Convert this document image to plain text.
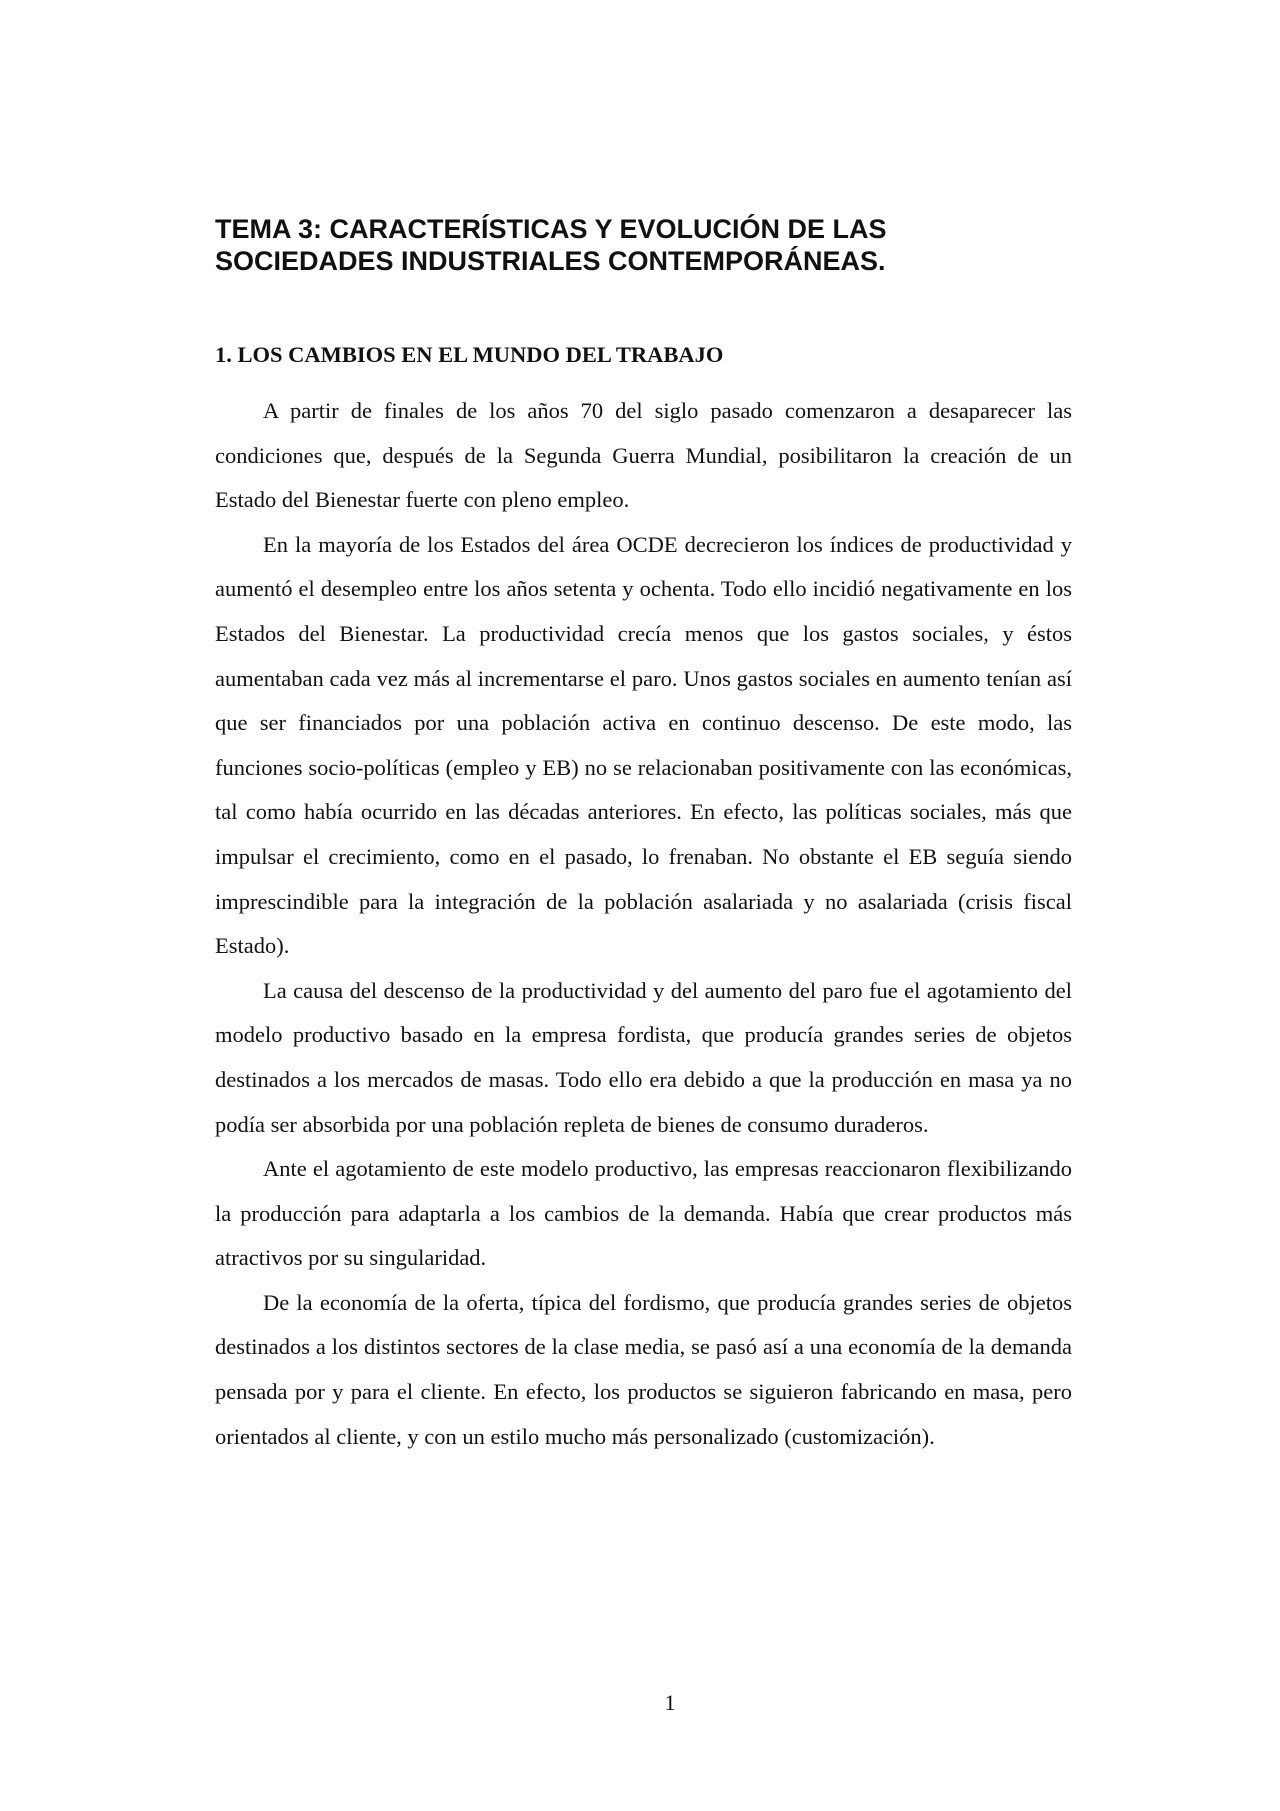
TEMA 3: CARACTERÍSTICAS Y EVOLUCIÓN DE LAS
SOCIEDADES INDUSTRIALES CONTEMPORÁNEAS.
1. LOS CAMBIOS EN EL MUNDO DEL TRABAJO

A partir de finales de los años 70 del siglo pasado comenzaron a desaparecer las condiciones que, después de la Segunda Guerra Mundial, posibilitaron la creación de un Estado del Bienestar fuerte con pleno empleo.

En la mayoría de los Estados del área OCDE decrecieron los índices de productividad y aumentó el desempleo entre los años setenta y ochenta. Todo ello incidió negativamente en los Estados del Bienestar. La productividad crecía menos que los gastos sociales, y éstos aumentaban cada vez más al incrementarse el paro. Unos gastos sociales en aumento tenían así que ser financiados por una población activa en continuo descenso. De este modo, las funciones socio-políticas (empleo y EB) no se relacionaban positivamente con las económicas, tal como había ocurrido en las décadas anteriores. En efecto, las políticas sociales, más que impulsar el crecimiento, como en el pasado, lo frenaban. No obstante el EB seguía siendo imprescindible para la integración de la población asalariada y no asalariada (crisis fiscal Estado).

La causa del descenso de la productividad y del aumento del paro fue el agotamiento del modelo productivo basado en la empresa fordista, que producía grandes series de objetos destinados a los mercados de masas. Todo ello era debido a que la producción en masa ya no podía ser absorbida por una población repleta de bienes de consumo duraderos.

Ante el agotamiento de este modelo productivo, las empresas reaccionaron flexibilizando la producción para adaptarla a los cambios de la demanda. Había que crear productos más atractivos por su singularidad.

De la economía de la oferta, típica del fordismo, que producía grandes series de objetos destinados a los distintos sectores de la clase media, se pasó así a una economía de la demanda pensada por y para el cliente. En efecto, los productos se siguieron fabricando en masa, pero orientados al cliente, y con un estilo mucho más personalizado (customización).

1
